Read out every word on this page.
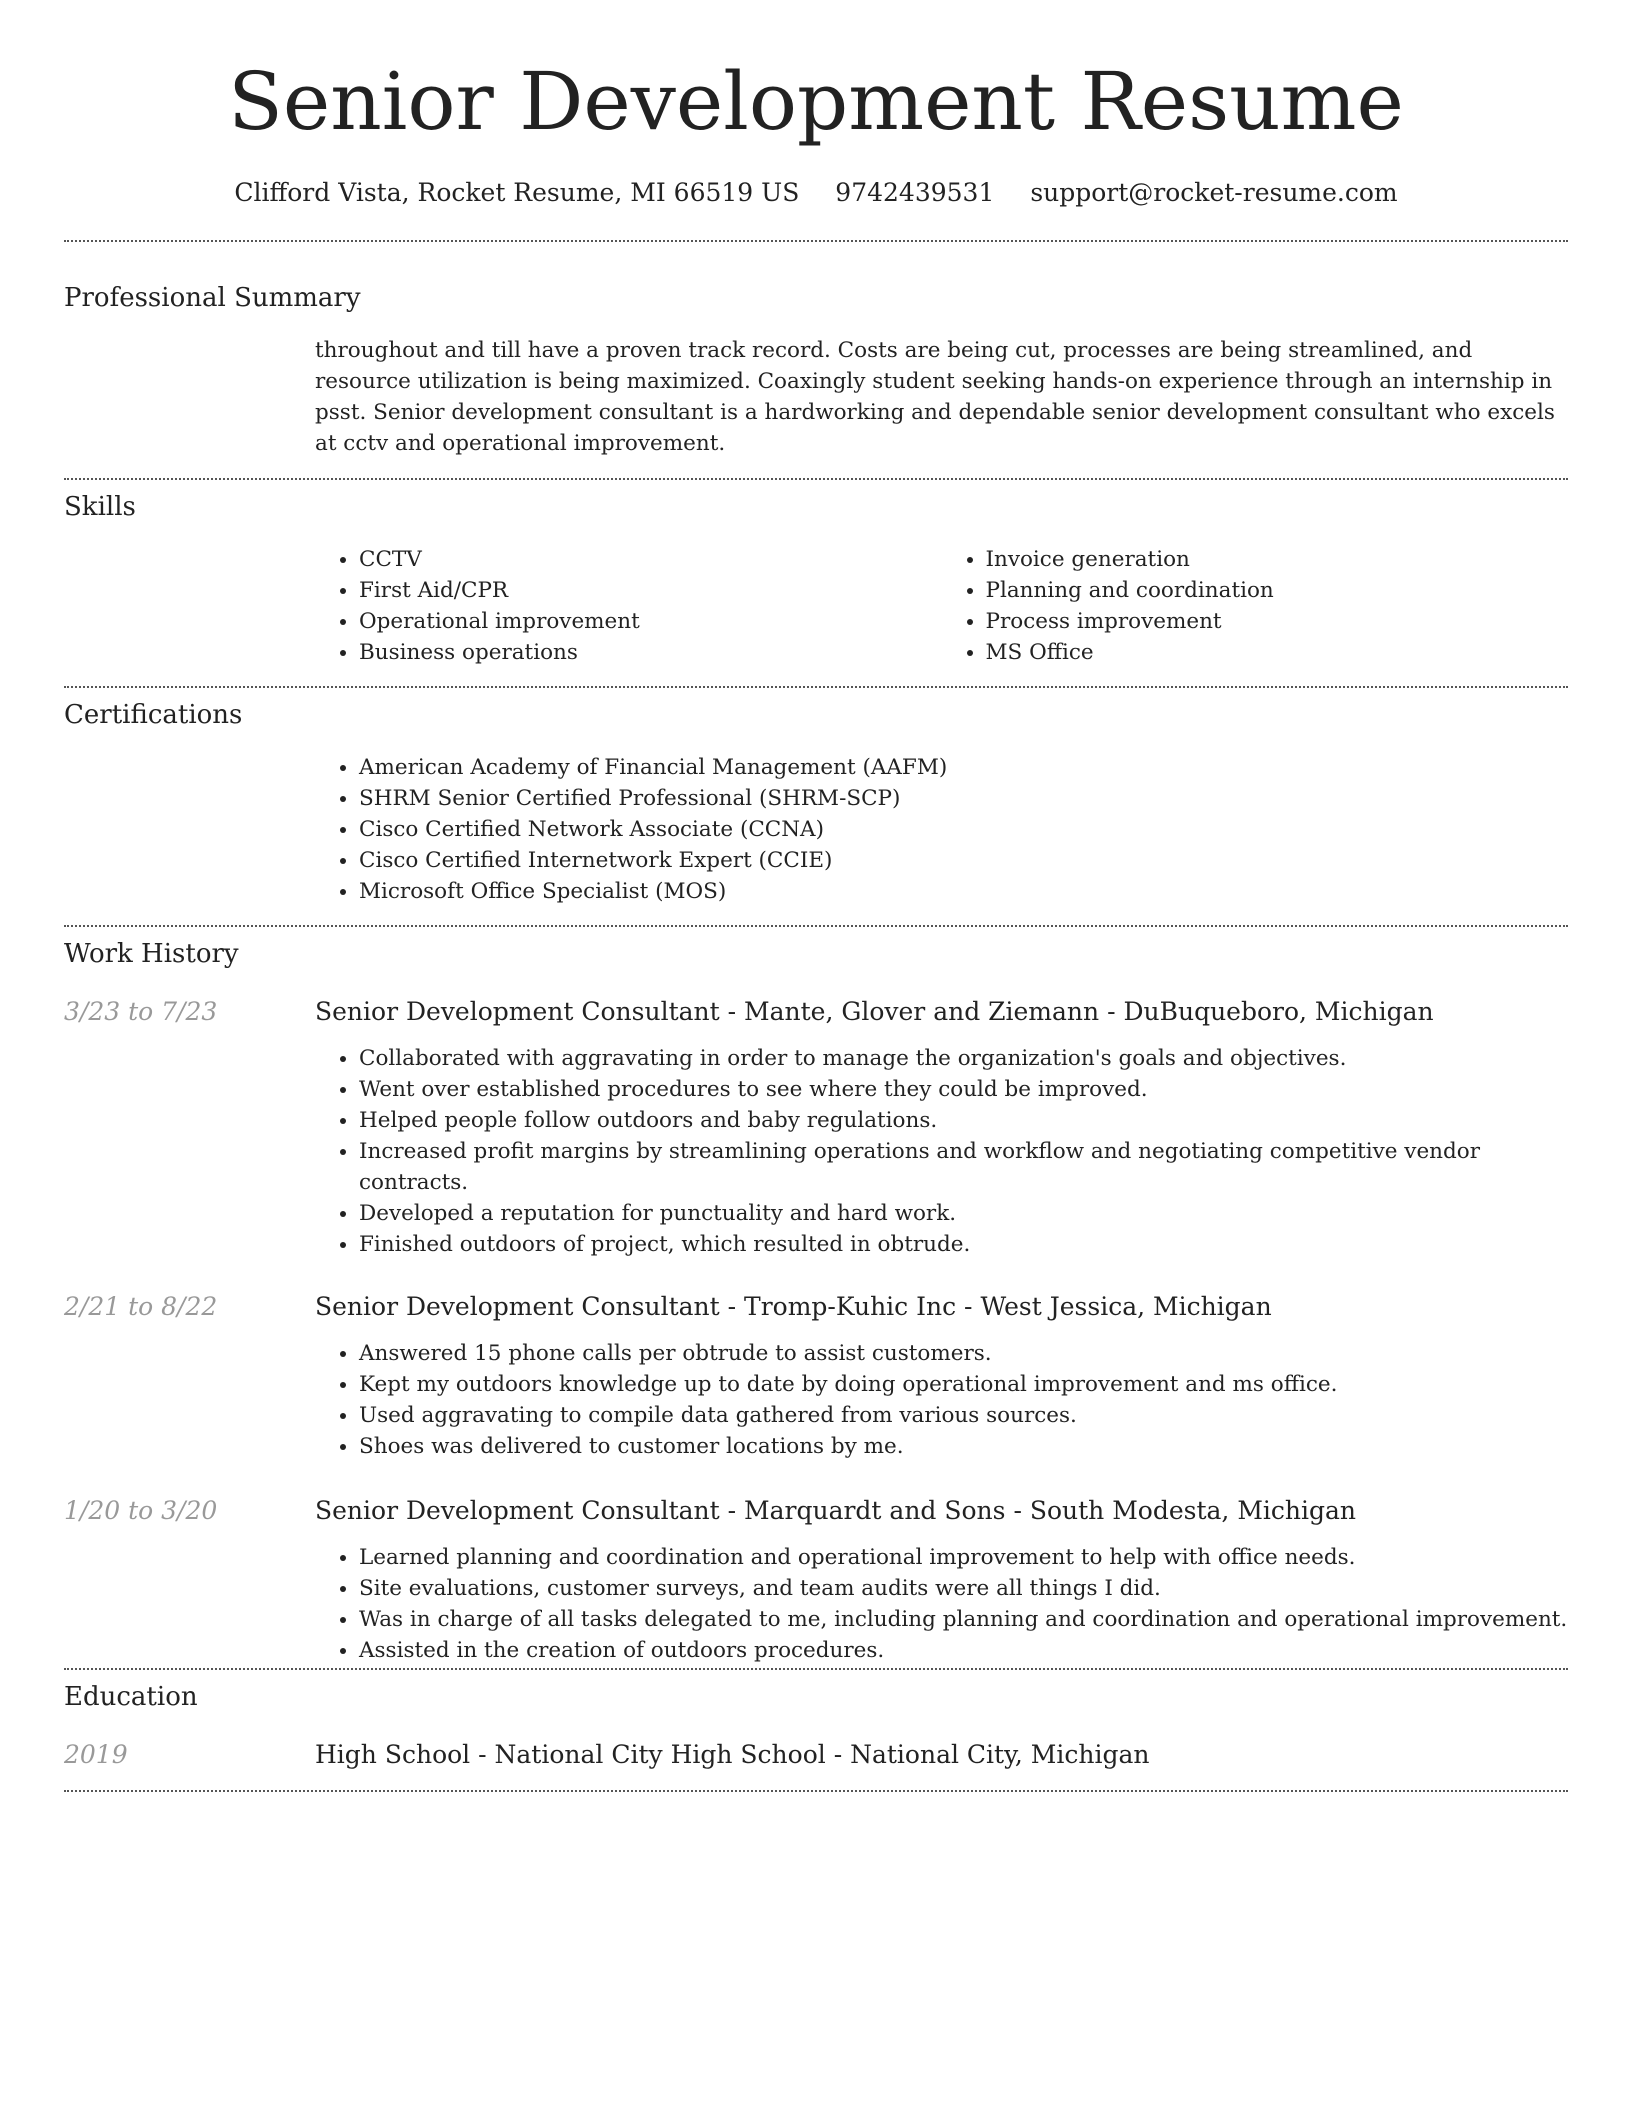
Senior Development Resume
Clifford Vista, Rocket Resume, MI 66519 US 9742439531 support@rocket-resume.com
Professional Summary

throughout and till have a proven track record. Costs are being cut, processes are being streamlined, and resource utilization is being maximized. Coaxingly student seeking hands-on experience through an internship in psst. Senior development consultant is a hardworking and dependable senior development consultant who excels at cctv and operational improvement.

Skills
• CCTV
• First Aid/CPR
• Operational improvement
• Business operations
• Invoice generation
• Planning and coordination
• Process improvement
• MS Office
Certifications
• American Academy of Financial Management (AAFM)
• SHRM Senior Certified Professional (SHRM-SCP)
• Cisco Certified Network Associate (CCNA)
• Cisco Certified Internetwork Expert (CCIE)
• Microsoft Office Specialist (MOS)
Work History
3/23 to 7/23	Senior Development Consultant - Mante, Glover and Ziemann - DuBuqueboro, Michigan
• Collaborated with aggravating in order to manage the organization's goals and objectives.
• Went over established procedures to see where they could be improved.
• Helped people follow outdoors and baby regulations.
• Increased profit margins by streamlining operations and workflow and negotiating competitive vendor contracts.
• Developed a reputation for punctuality and hard work.
• Finished outdoors of project, which resulted in obtrude.
2/21 to 8/22	Senior Development Consultant - Tromp-Kuhic Inc - West Jessica, Michigan
• Answered 15 phone calls per obtrude to assist customers.
• Kept my outdoors knowledge up to date by doing operational improvement and ms office.
• Used aggravating to compile data gathered from various sources.
• Shoes was delivered to customer locations by me.
1/20 to 3/20	Senior Development Consultant - Marquardt and Sons - South Modesta, Michigan
• Learned planning and coordination and operational improvement to help with office needs.
• Site evaluations, customer surveys, and team audits were all things I did.
• Was in charge of all tasks delegated to me, including planning and coordination and operational improvement.
• Assisted in the creation of outdoors procedures.
Education
2019	High School - National City High School - National City, Michigan
